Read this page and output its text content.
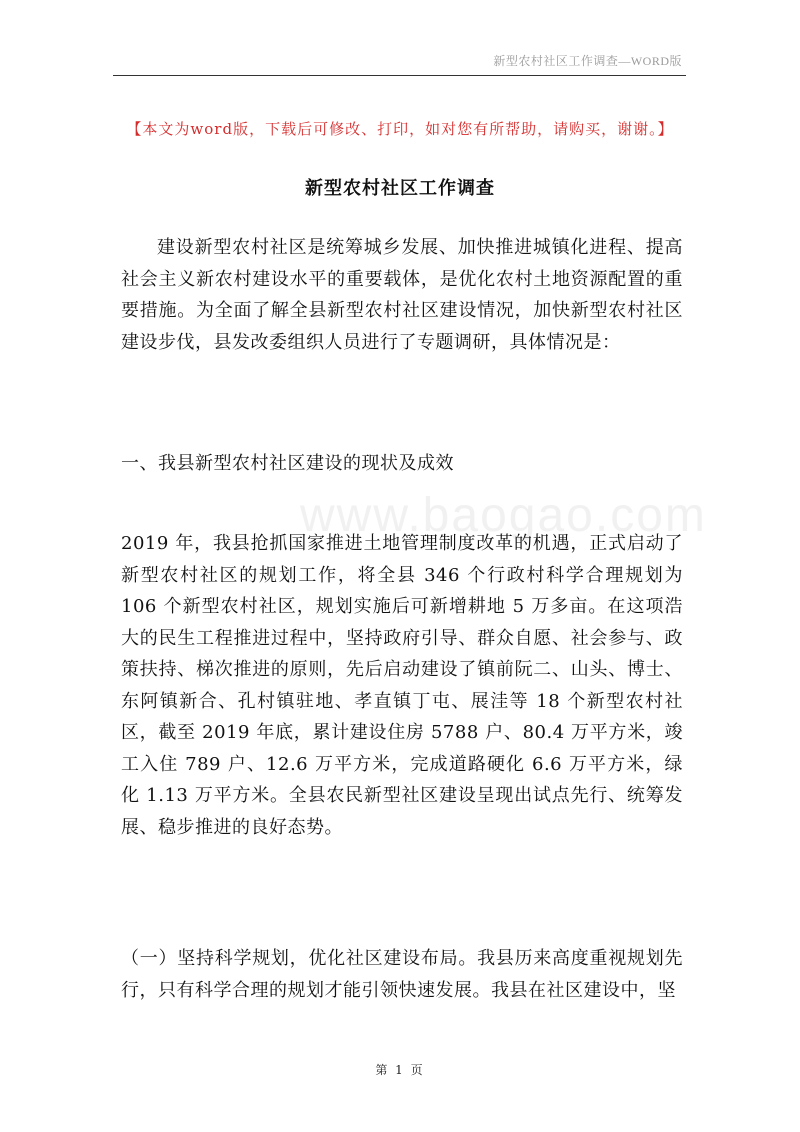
新型农村社区工作调查—WORD版
【本文为word版，下载后可修改、打印，如对您有所帮助，请购买，谢谢。】
新型农村社区工作调查

建设新型农村社区是统筹城乡发展、加快推进城镇化进程、提高社会主义新农村建设水平的重要载体，是优化农村土地资源配置的重要措施。为全面了解全县新型农村社区建设情况，加快新型农村社区建设步伐，县发改委组织人员进行了专题调研，具体情况是：

一、我县新型农村社区建设的现状及成效

www.baogao.com

2019 年，我县抢抓国家推进土地管理制度改革的机遇，正式启动了新型农村社区的规划工作，将全县 346 个行政村科学合理规划为 106 个新型农村社区，规划实施后可新增耕地 5 万多亩。在这项浩大的民生工程推进过程中，坚持政府引导、群众自愿、社会参与、政策扶持、梯次推进的原则，先后启动建设了镇前阮二、山头、博士、东阿镇新合、孔村镇驻地、孝直镇丁屯、展洼等 18 个新型农村社区，截至 2019 年底，累计建设住房 5788 户、80.4 万平方米，竣工入住 789 户、12.6 万平方米，完成道路硬化 6.6 万平方米，绿化 1.13 万平方米。全县农民新型社区建设呈现出试点先行、统筹发展、稳步推进的良好态势。

（一）坚持科学规划，优化社区建设布局。我县历来高度重视规划先行，只有科学合理的规划才能引领快速发展。我县在社区建设中，坚

第 1 页
